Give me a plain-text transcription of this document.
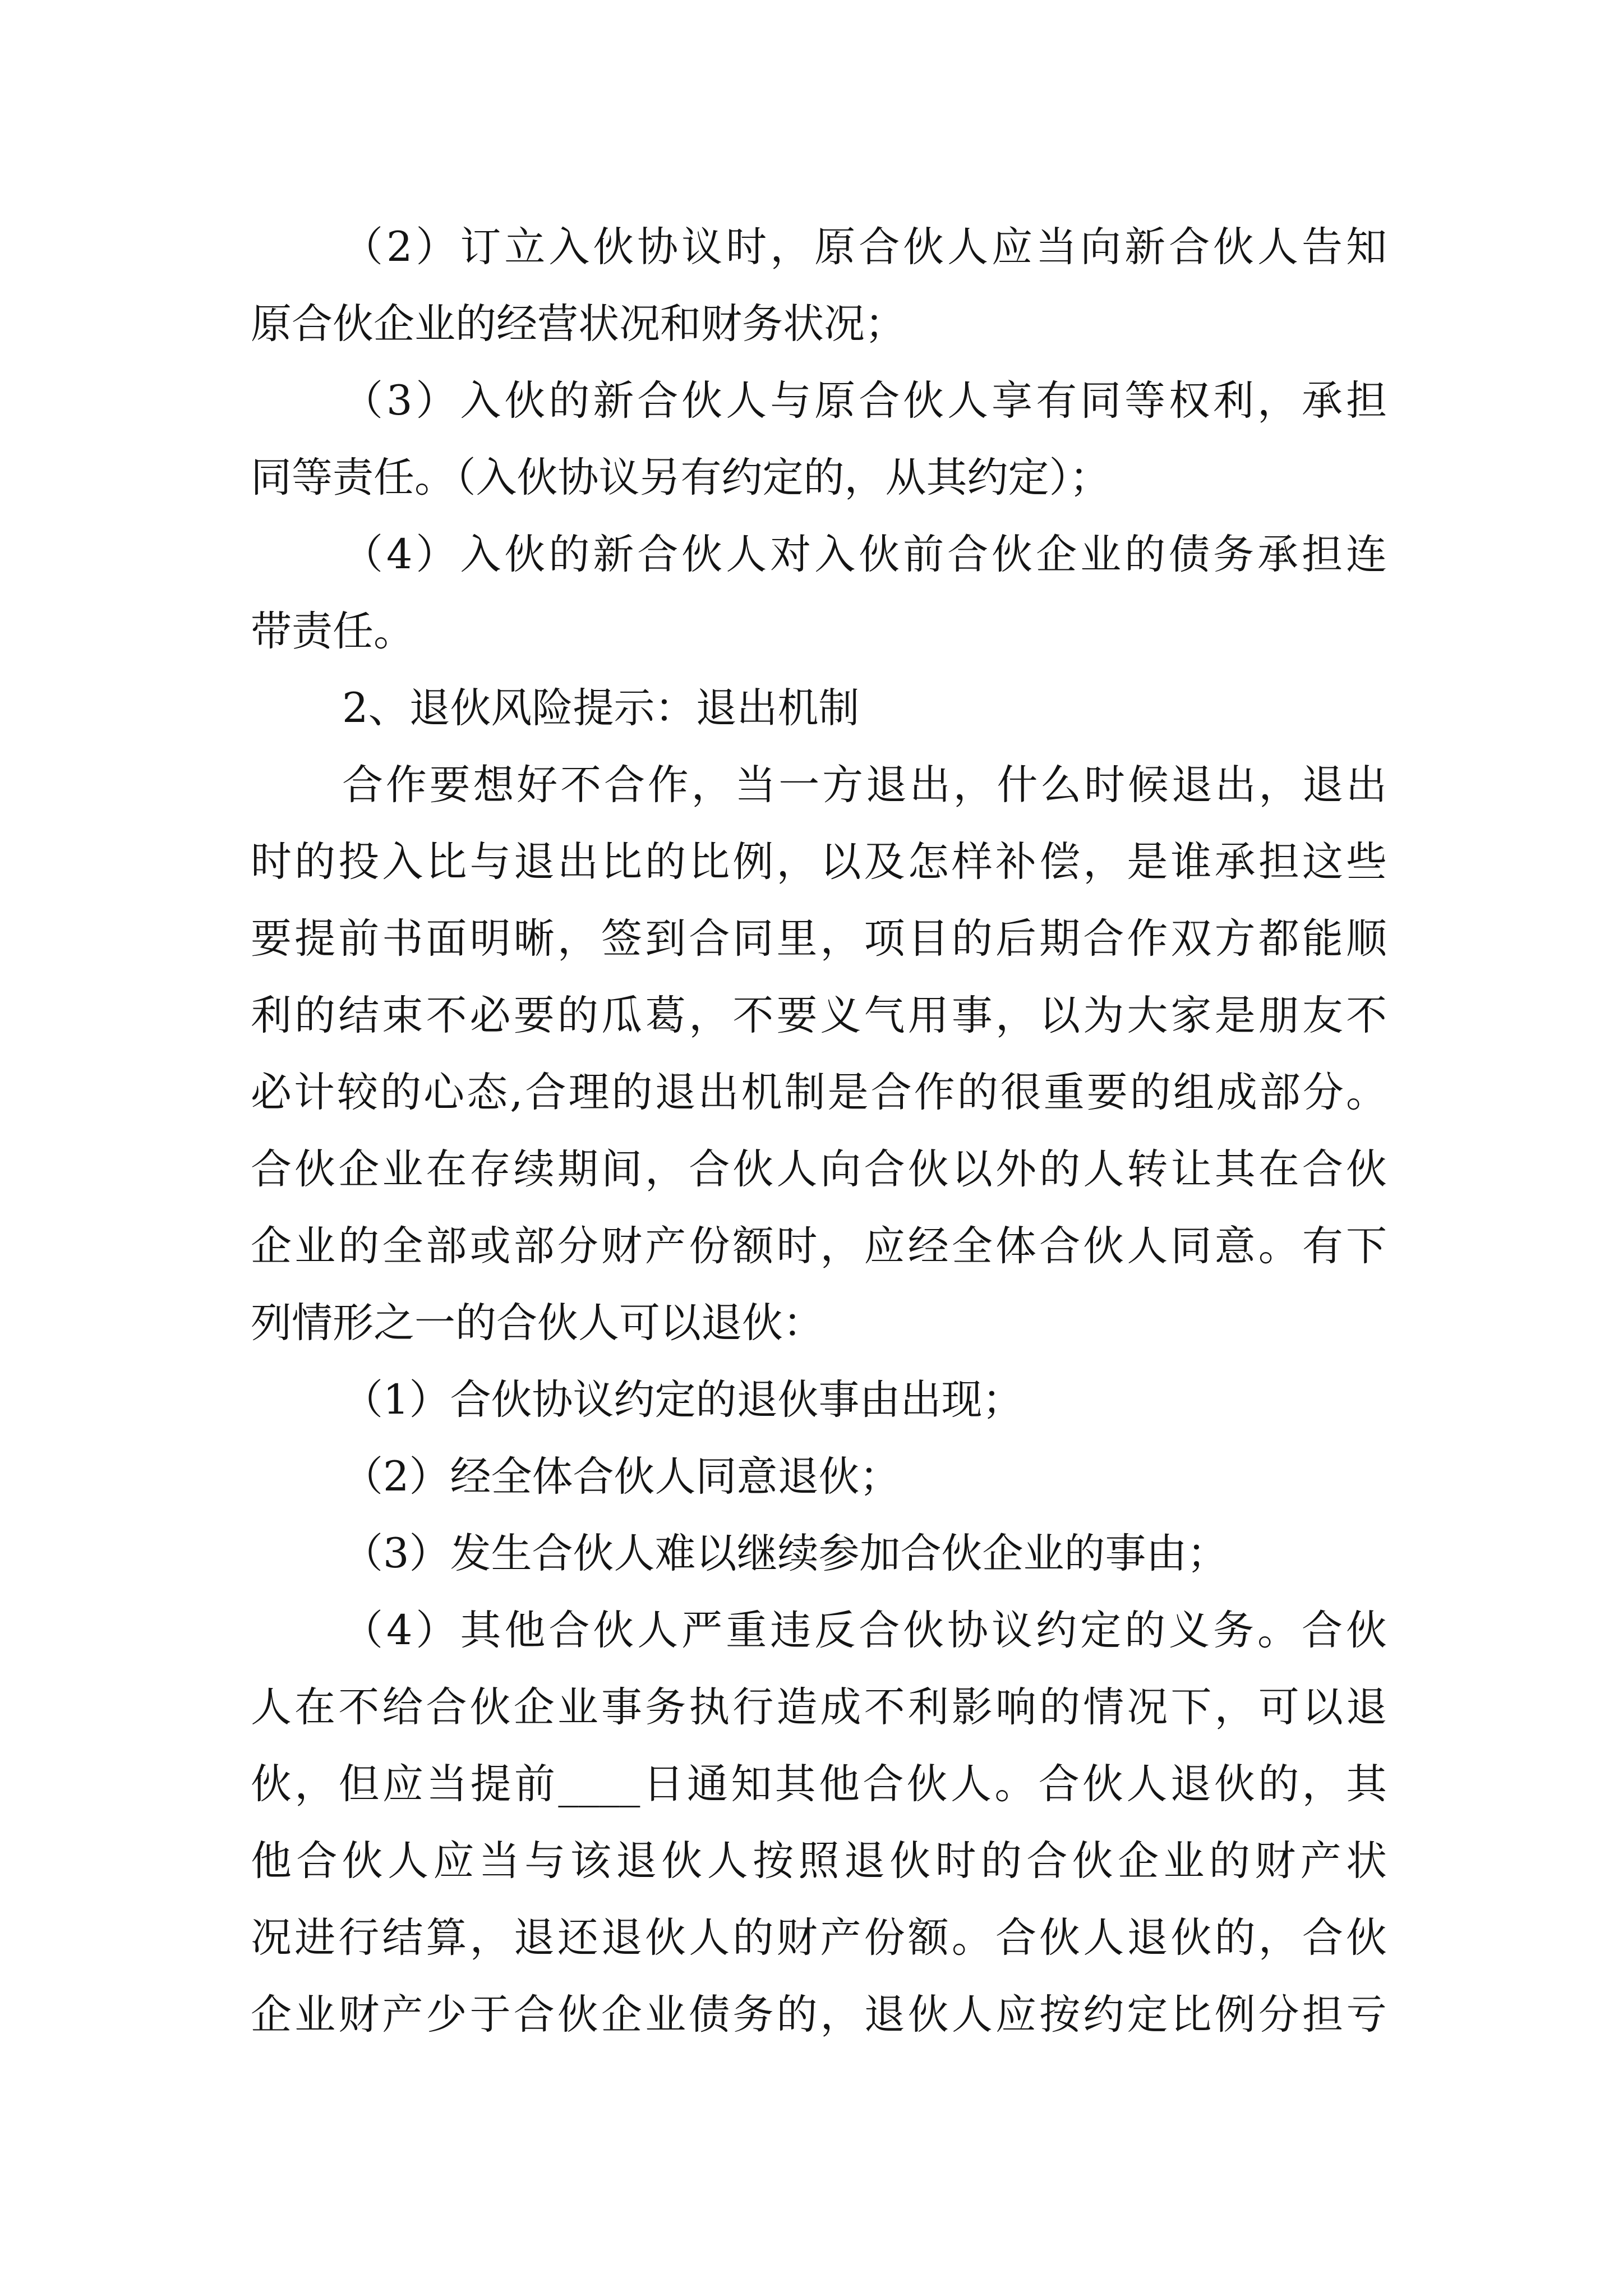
（2）订立入伙协议时，原合伙人应当向新合伙人告知
原合伙企业的经营状况和财务状况；
（3）入伙的新合伙人与原合伙人享有同等权利，承担
同等责任。（入伙协议另有约定的，从其约定）；
（4）入伙的新合伙人对入伙前合伙企业的债务承担连
带责任。
2、退伙风险提示：退出机制
合作要想好不合作，当一方退出，什么时候退出，退出
时的投入比与退出比的比例，以及怎样补偿，是谁承担这些
要提前书面明晰，签到合同里，项目的后期合作双方都能顺
利的结束不必要的瓜葛，不要义气用事，以为大家是朋友不
必计较的心态,合理的退出机制是合作的很重要的组成部分。
合伙企业在存续期间，合伙人向合伙以外的人转让其在合伙
企业的全部或部分财产份额时，应经全体合伙人同意。有下
列情形之一的合伙人可以退伙：
（1）合伙协议约定的退伙事由出现；
（2）经全体合伙人同意退伙；
（3）发生合伙人难以继续参加合伙企业的事由；
（4）其他合伙人严重违反合伙协议约定的义务。合伙
人在不给合伙企业事务执行造成不利影响的情况下，可以退
伙，但应当提前____日通知其他合伙人。合伙人退伙的，其
他合伙人应当与该退伙人按照退伙时的合伙企业的财产状
况进行结算，退还退伙人的财产份额。合伙人退伙的，合伙
企业财产少于合伙企业债务的，退伙人应按约定比例分担亏
